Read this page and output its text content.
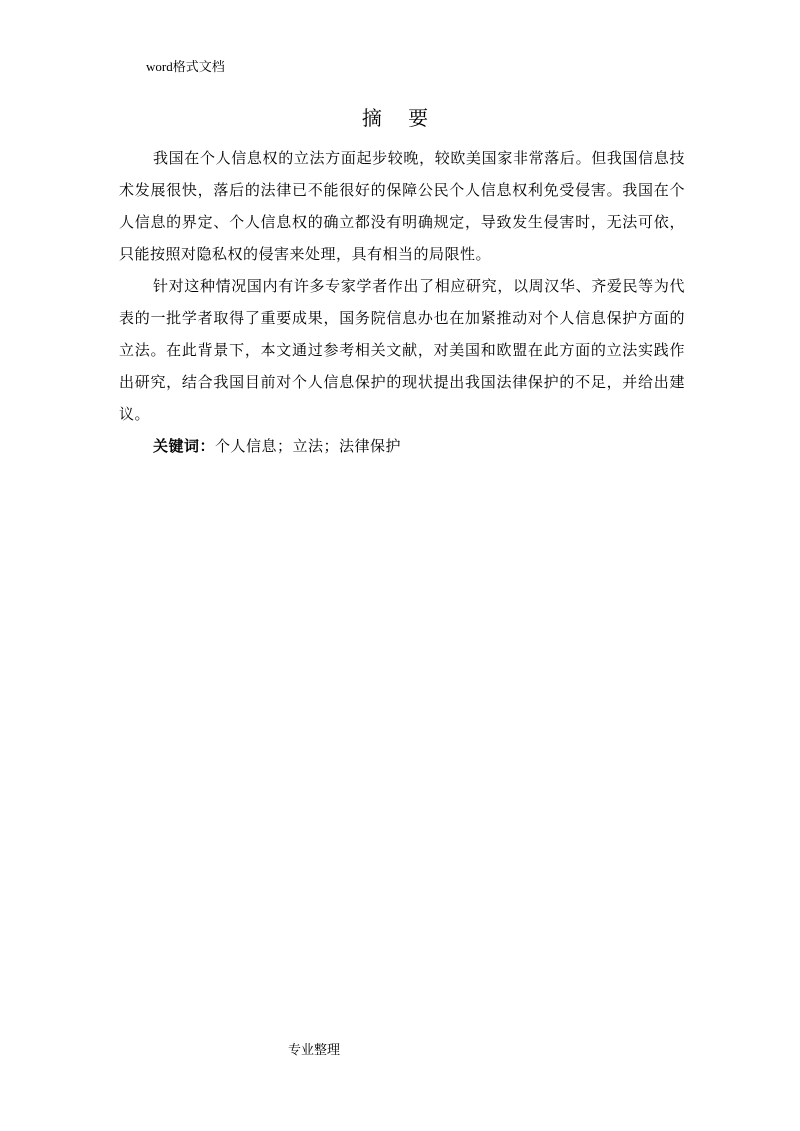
word格式文档
摘 要

我国在个人信息权的立法方面起步较晚，较欧美国家非常落后。但我国信息技术发展很快，落后的法律已不能很好的保障公民个人信息权利免受侵害。我国在个人信息的界定、个人信息权的确立都没有明确规定，导致发生侵害时，无法可依，只能按照对隐私权的侵害来处理，具有相当的局限性。

针对这种情况国内有许多专家学者作出了相应研究，以周汉华、齐爱民等为代表的一批学者取得了重要成果，国务院信息办也在加紧推动对个人信息保护方面的立法。在此背景下，本文通过参考相关文献，对美国和欧盟在此方面的立法实践作出研究，结合我国目前对个人信息保护的现状提出我国法律保护的不足，并给出建议。

关键词：个人信息；立法；法律保护

专业整理
